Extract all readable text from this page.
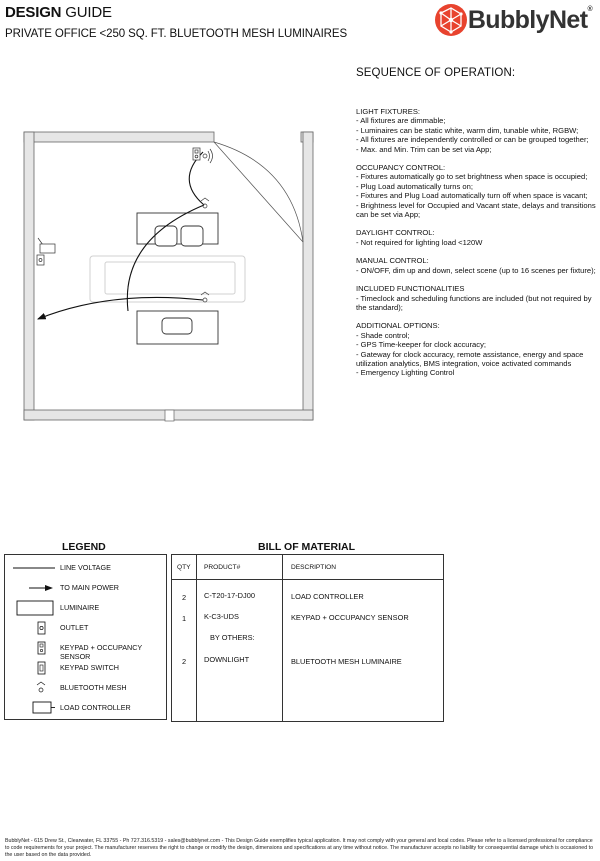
DESIGN GUIDE
PRIVATE OFFICE <250 SQ. FT. BLUETOOTH MESH LUMINAIRES
BubblyNet®
SEQUENCE OF OPERATION:
LIGHT FIXTURES:
- All fixtures are dimmable;
- Luminaires can be static white, warm dim, tunable white, RGBW;
- All fixtures are independently controlled or can be grouped together;
- Max. and Min. Trim can be set via App;
OCCUPANCY CONTROL:
- Fixtures automatically go to set brightness when space is occupied;
- Plug Load automatically turns on;
- Fixtures and Plug Load automatically turn off when space is vacant;
- Brightness level for Occupied and Vacant state, delays and transitions can be set via App;
DAYLIGHT CONTROL:
- Not required for lighting load <120W
MANUAL CONTROL:
- ON/OFF, dim up and down, select scene (up to 16 scenes per fixture);
INCLUDED FUNCTIONALITIES
- Timeclock and scheduling functions are included (but not required by the standard);
ADDITIONAL OPTIONS:
- Shade control;
- GPS Time-keeper for clock accuracy;
- Gateway for clock accuracy, remote assistance, energy and space utilization analytics, BMS integration, voice activated commands
- Emergency Lighting Control
LEGEND
LINE VOLTAGE
TO MAIN POWER
LUMINAIRE
OUTLET
KEYPAD + OCCUPANCY SENSOR
KEYPAD SWITCH
BLUETOOTH MESH
LOAD CONTROLLER
BILL OF MATERIAL
QTY PRODUCT#	DESCRIPTION
2 C-T20-17-DJ00	LOAD CONTROLLER
1 K-C3-UDS	KEYPAD + OCCUPANCY SENSOR
BY OTHERS:
2 DOWNLIGHT	BLUETOOTH MESH LUMINAIRE
BubblyNet - 615 Drew St., Clearwater, FL 33755 - Ph 727.316.5319 - sales@bubblynet.com - This Design Guide exemplifies typical application. It may not comply with your general and local codes. Please refer to a licensed professional for compliance to code requirements for your project. The manufacturer reserves the right to change or modify the design, dimensions and specifications at any time without notice. The manufacturer accepts no liability for consequential damage which is occasioned to the user based on the data provided.
